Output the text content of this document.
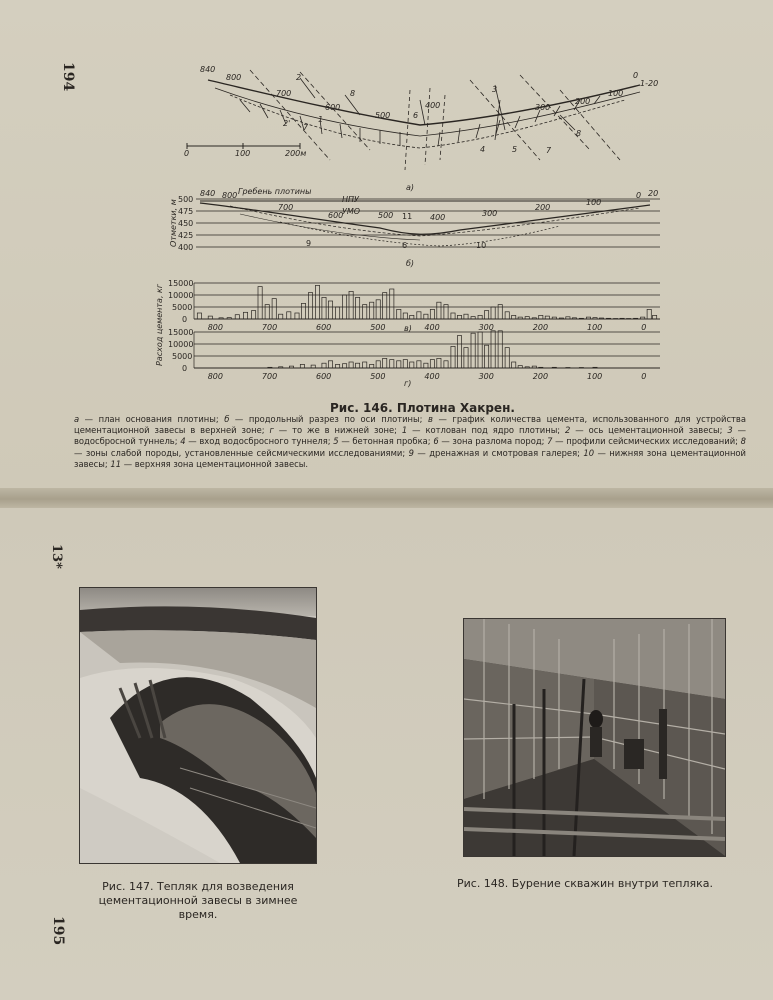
194
13*
195
840
800
700
600
500
400	300
200
100
0
1-20
1
2
2'
3
4	5
6
7
7
8
8
0	100	200м
а)
Отметки, м 500
475
450
425
400
Гребень плотины
НПУ
УМО
840 800
700
600	500	400	300
200
100
0 20
11
9	6	10
б)
Расход цемента, кг
15000
10000
5000
0
15000
10000
5000
0
800	700	600	500	400	300	200	100	0
800	700	600	500	400	300	200	100	0
в)
г)
Рис. 146. Плотина Хакрен.
а — план основания плотины; б — продольный разрез по оси плотины; в — график количества цемента, использованного для устройства цементационной завесы в верхней зоне; г — то же в нижней зоне; 1 — котлован под ядро плотины; 2 — ось цементационной завесы; 3 — водосбросной туннель; 4 — вход водосбросного туннеля; 5 — бетонная пробка; 6 — зона разлома пород; 7 — профили сейсмических исследований; 8 — зоны слабой породы, установленные сейсмическими исследованиями; 9 — дренажная и смотровая галерея; 10 — нижняя зона цементационной завесы; 11 — верхняя зона цементационной завесы.
Рис. 147. Тепляк для возведения цементационной завесы в зимнее время.
Рис. 148. Бурение скважин внутри тепляка.
